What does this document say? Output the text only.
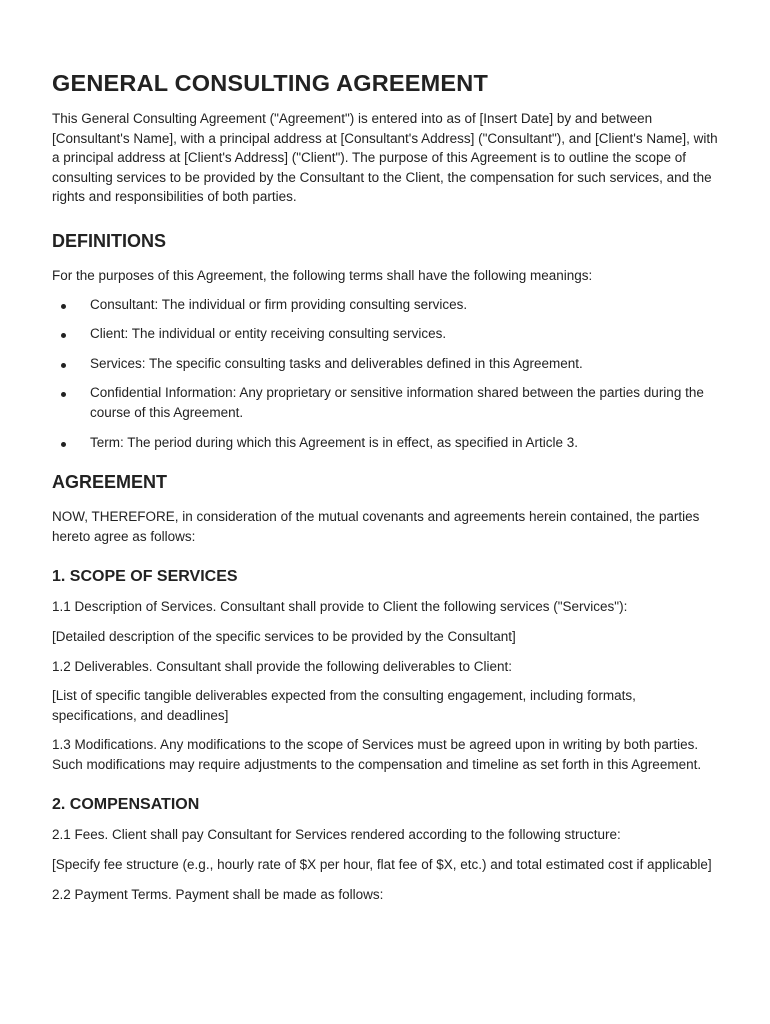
GENERAL CONSULTING AGREEMENT

This General Consulting Agreement ("Agreement") is entered into as of [Insert Date] by and between [Consultant's Name], with a principal address at [Consultant's Address] ("Consultant"), and [Client's Name], with a principal address at [Client's Address] ("Client"). The purpose of this Agreement is to outline the scope of consulting services to be provided by the Consultant to the Client, the compensation for such services, and the rights and responsibilities of both parties.

DEFINITIONS

For the purposes of this Agreement, the following terms shall have the following meanings:

Consultant: The individual or firm providing consulting services.
Client: The individual or entity receiving consulting services.
Services: The specific consulting tasks and deliverables defined in this Agreement.
Confidential Information: Any proprietary or sensitive information shared between the parties during the course of this Agreement.
Term: The period during which this Agreement is in effect, as specified in Article 3.
AGREEMENT

NOW, THEREFORE, in consideration of the mutual covenants and agreements herein contained, the parties hereto agree as follows:

1. SCOPE OF SERVICES

1.1 Description of Services. Consultant shall provide to Client the following services ("Services"):

[Detailed description of the specific services to be provided by the Consultant]

1.2 Deliverables. Consultant shall provide the following deliverables to Client:

[List of specific tangible deliverables expected from the consulting engagement, including formats, specifications, and deadlines]

1.3 Modifications. Any modifications to the scope of Services must be agreed upon in writing by both parties. Such modifications may require adjustments to the compensation and timeline as set forth in this Agreement.

2. COMPENSATION

2.1 Fees. Client shall pay Consultant for Services rendered according to the following structure:

[Specify fee structure (e.g., hourly rate of $X per hour, flat fee of $X, etc.) and total estimated cost if applicable]

2.2 Payment Terms. Payment shall be made as follows:
